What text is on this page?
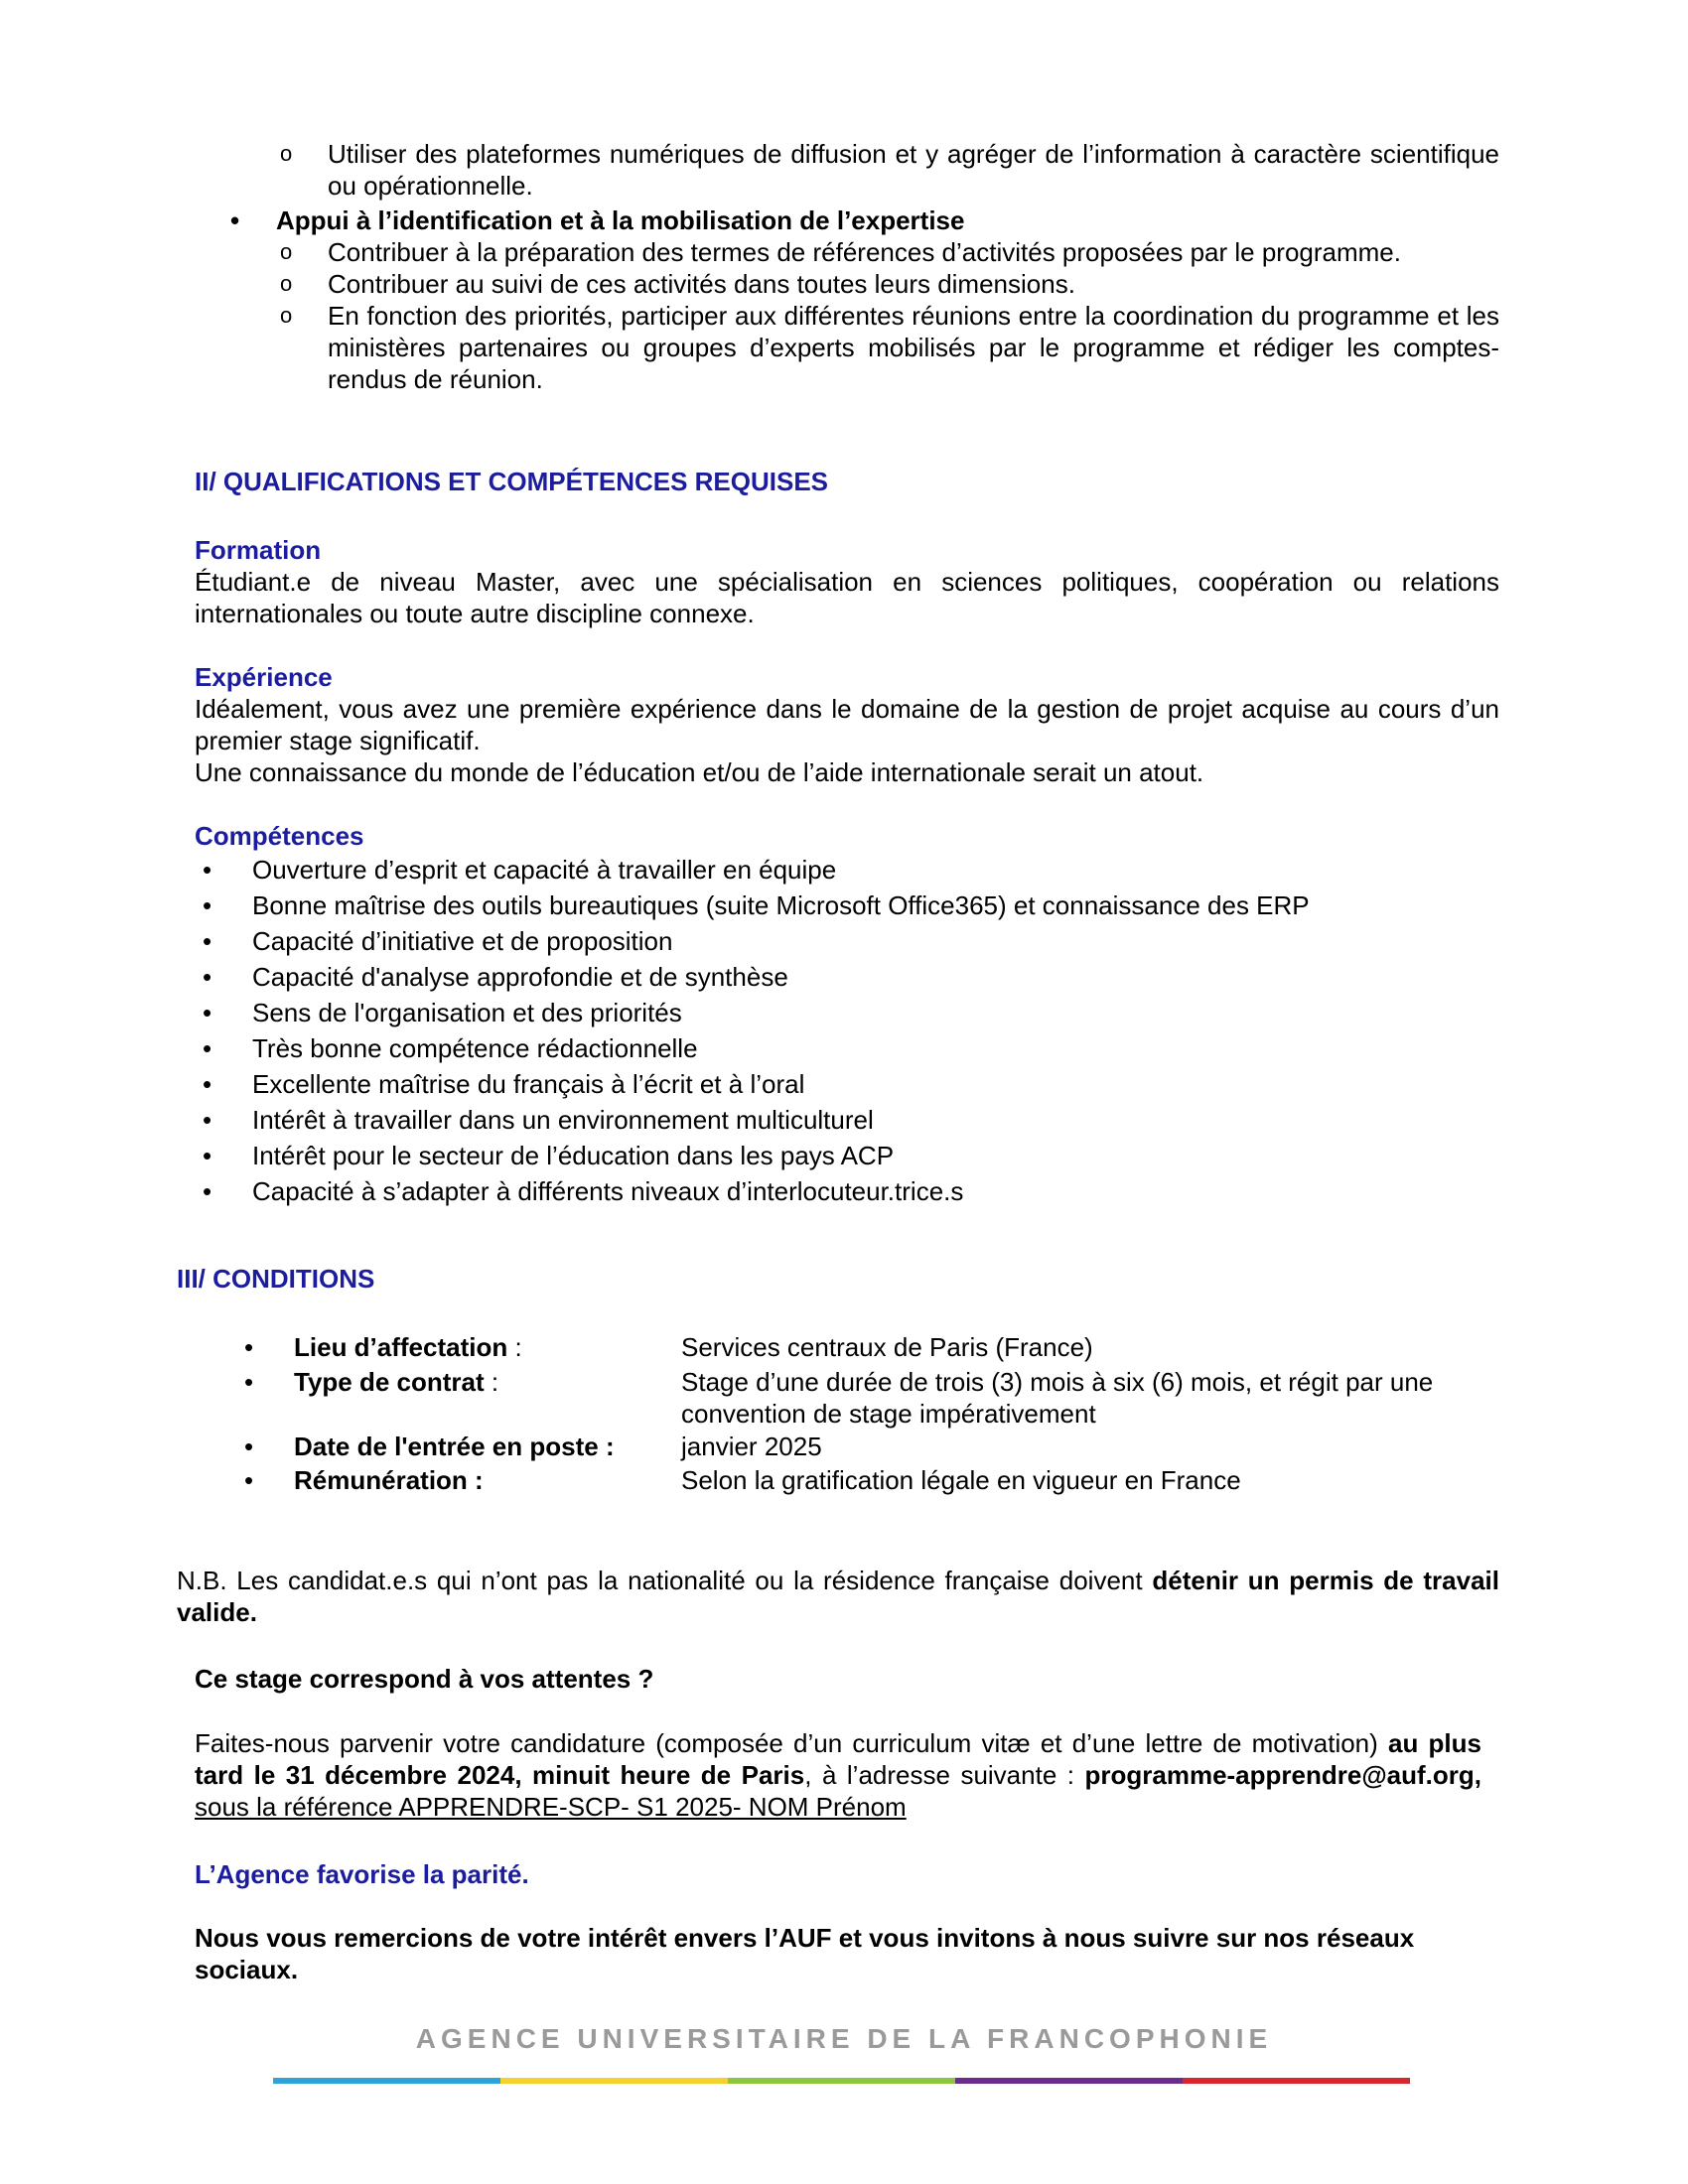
o Utiliser des plateformes numériques de diffusion et y agréger de l’information à caractère scientifique ou opérationnelle.
• Appui à l’identification et à la mobilisation de l’expertise
o Contribuer à la préparation des termes de références d’activités proposées par le programme.
o Contribuer au suivi de ces activités dans toutes leurs dimensions.
o En fonction des priorités, participer aux différentes réunions entre la coordination du programme et les ministères partenaires ou groupes d’experts mobilisés par le programme et rédiger les comptes-rendus de réunion.
II/ QUALIFICATIONS ET COMPÉTENCES REQUISES
Formation
Étudiant.e de niveau Master, avec une spécialisation en sciences politiques, coopération ou relations internationales ou toute autre discipline connexe.
Expérience
Idéalement, vous avez une première expérience dans le domaine de la gestion de projet acquise au cours d’un premier stage significatif.
Une connaissance du monde de l’éducation et/ou de l’aide internationale serait un atout.
Compétences
• Ouverture d’esprit et capacité à travailler en équipe
• Bonne maîtrise des outils bureautiques (suite Microsoft Office365) et connaissance des ERP
• Capacité d’initiative et de proposition
• Capacité d'analyse approfondie et de synthèse
• Sens de l'organisation et des priorités
• Très bonne compétence rédactionnelle
• Excellente maîtrise du français à l’écrit et à l’oral
• Intérêt à travailler dans un environnement multiculturel
• Intérêt pour le secteur de l’éducation dans les pays ACP
• Capacité à s’adapter à différents niveaux d’interlocuteur.trice.s
III/ CONDITIONS
• Lieu d’affectation :	Services centraux de Paris (France)
• Type de contrat :	Stage d’une durée de trois (3) mois à six (6) mois, et régit par une convention de stage impérativement
• Date de l'entrée en poste :	janvier 2025
• Rémunération :	Selon la gratification légale en vigueur en France
N.B. Les candidat.e.s qui n’ont pas la nationalité ou la résidence française doivent détenir un permis de travail valide.
Ce stage correspond à vos attentes ?
Faites-nous parvenir votre candidature (composée d’un curriculum vitæ et d’une lettre de motivation) au plus tard le 31 décembre 2024, minuit heure de Paris, à l’adresse suivante : programme-apprendre@auf.org, sous la référence APPRENDRE-SCP- S1 2025- NOM Prénom
L’Agence favorise la parité.
Nous vous remercions de votre intérêt envers l’AUF et vous invitons à nous suivre sur nos réseaux sociaux.
AGENCE UNIVERSITAIRE DE LA FRANCOPHONIE
